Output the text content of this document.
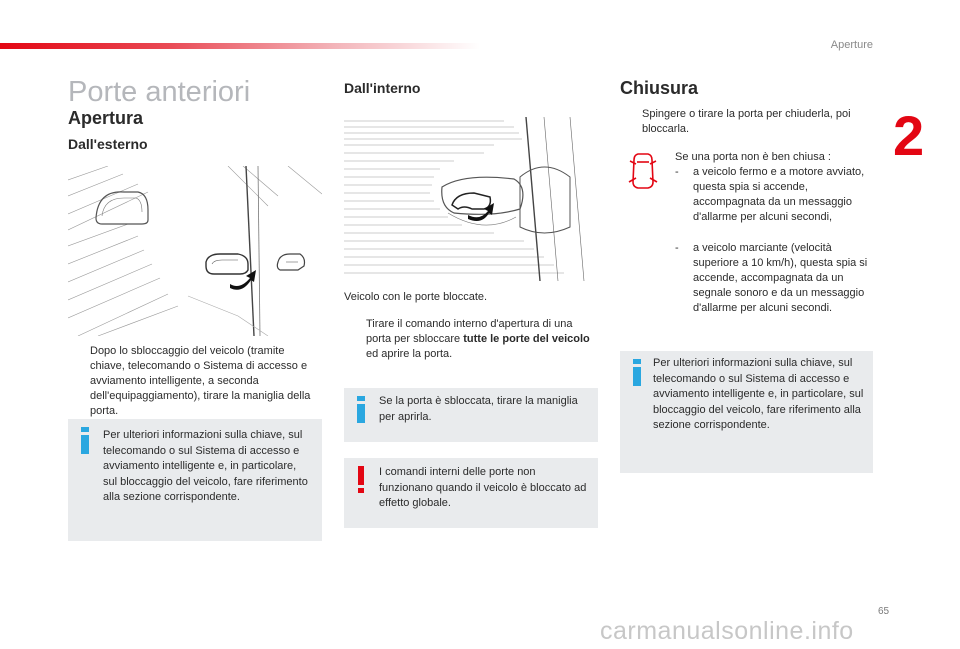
Aperture
2
Porte anteriori
Apertura
Dall'esterno
Dopo lo sbloccaggio del veicolo (tramite chiave, telecomando o Sistema di accesso e avviamento intelligente, a seconda dell'equipaggiamento), tirare la maniglia della porta.
Per ulteriori informazioni sulla chiave, sul telecomando o sul Sistema di accesso e avviamento intelligente e, in particolare, sul bloccaggio del veicolo, fare riferimento alla sezione corrispondente.
Dall'interno
Veicolo con le porte bloccate.
Tirare il comando interno d'apertura di una porta per sbloccare tutte le porte del veicolo ed aprire la porta.
Se la porta è sbloccata, tirare la maniglia per aprirla.
I comandi interni delle porte non funzionano quando il veicolo è bloccato ad effetto globale.
Chiusura
Spingere o tirare la porta per chiuderla, poi bloccarla.
Se una porta non è ben chiusa :
- a veicolo fermo e a motore avviato, questa spia si accende, accompagnata da un messaggio d'allarme per alcuni secondi,
- a veicolo marciante (velocità superiore a 10 km/h), questa spia si accende, accompagnata da un segnale sonoro e da un messaggio d'allarme per alcuni secondi.
Per ulteriori informazioni sulla chiave, sul telecomando o sul Sistema di accesso e avviamento intelligente e, in particolare, sul bloccaggio del veicolo, fare riferimento alla sezione corrispondente.
65
carmanualsonline.info
